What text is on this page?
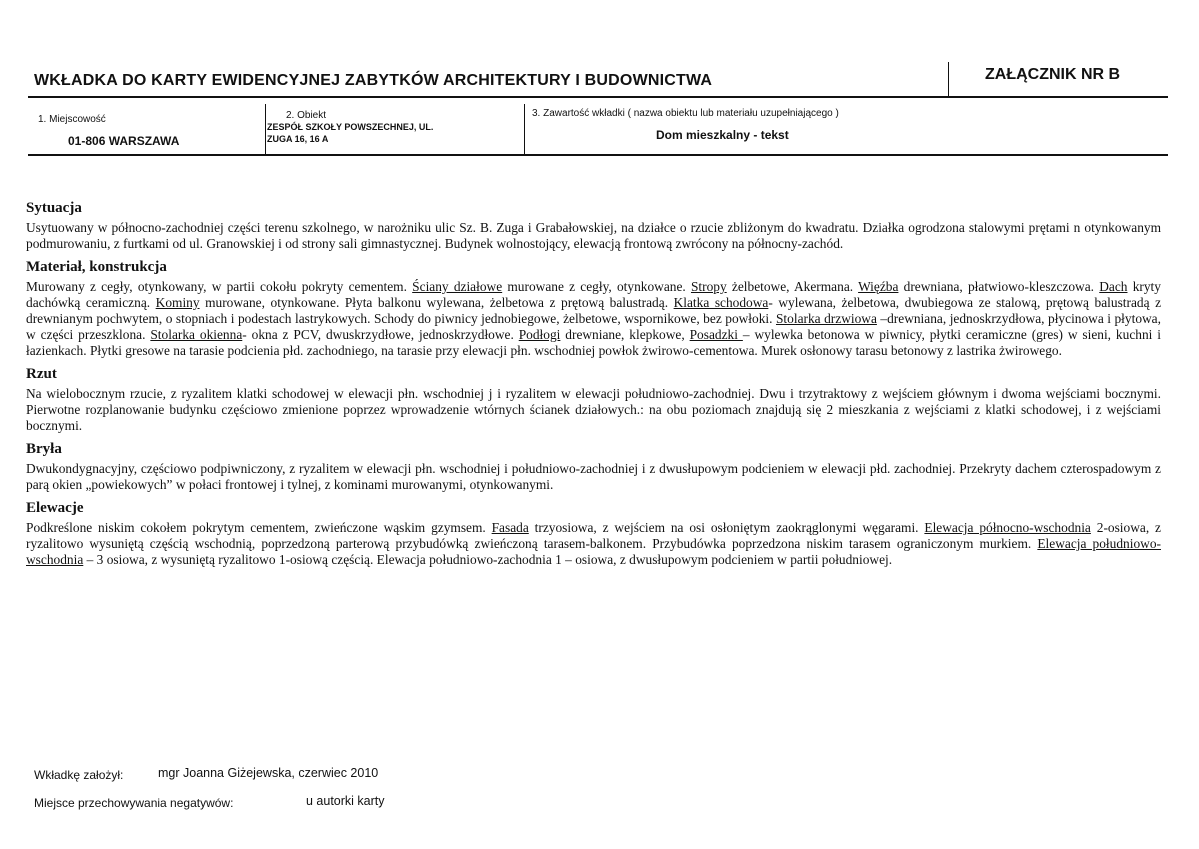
WKŁADKA DO KARTY EWIDENCYJNEJ ZABYTKÓW ARCHITEKTURY I BUDOWNICTWA	ZAŁĄCZNIK NR B
1. Miejscowość
01-806 WARSZAWA
2. Obiekt
ZESPÓŁ SZKOŁY POWSZECHNEJ, UL.
ZUGA 16, 16 A
3. Zawartość wkładki ( nazwa obiektu lub materiału uzupełniającego )
Dom mieszkalny - tekst
Sytuacja

Usytuowany w północno-zachodniej części terenu szkolnego, w narożniku ulic Sz. B. Zuga i Grabałowskiej, na działce o rzucie zbliżonym do kwadratu. Działka ogrodzona stalowymi prętami n otynkowanym podmurowaniu, z furtkami od ul. Granowskiej i od strony sali gimnastycznej. Budynek wolnostojący, elewacją frontową zwrócony na północny-zachód.

Materiał, konstrukcja

Murowany z cegły, otynkowany, w partii cokołu pokryty cementem. Ściany działowe murowane z cegły, otynkowane. Stropy żelbetowe, Akermana. Więźba drewniana, płatwiowo-kleszczowa. Dach kryty dachówką ceramiczną. Kominy murowane, otynkowane. Płyta balkonu wylewana, żelbetowa z prętową balustradą. Klatka schodowa- wylewana, żelbetowa, dwubiegowa ze stalową, prętową balustradą z drewnianym pochwytem, o stopniach i podestach lastrykowych. Schody do piwnicy jednobiegowe, żelbetowe, wspornikowe, bez powłoki. Stolarka drzwiowa –drewniana, jednoskrzydłowa, płycinowa i płytowa, w części przeszklona. Stolarka okienna- okna z PCV, dwuskrzydłowe, jednoskrzydłowe. Podłogi drewniane, klepkowe, Posadzki – wylewka betonowa w piwnicy, płytki ceramiczne (gres) w sieni, kuchni i łazienkach. Płytki gresowe na tarasie podcienia płd. zachodniego, na tarasie przy elewacji płn. wschodniej powłok żwirowo-cementowa. Murek osłonowy tarasu betonowy z lastrika żwirowego.

Rzut

Na wielobocznym rzucie, z ryzalitem klatki schodowej w elewacji płn. wschodniej j i ryzalitem w elewacji południowo-zachodniej. Dwu i trzytraktowy z wejściem głównym i dwoma wejściami bocznymi. Pierwotne rozplanowanie budynku częściowo zmienione poprzez wprowadzenie wtórnych ścianek działowych.: na obu poziomach znajdują się 2 mieszkania z wejściami z klatki schodowej, i z wejściami bocznymi.

Bryła

Dwukondygnacyjny, częściowo podpiwniczony, z ryzalitem w elewacji płn. wschodniej i południowo-zachodniej i z dwusłupowym podcieniem w elewacji płd. zachodniej. Przekryty dachem czterospadowym z parą okien „powiekowych” w połaci frontowej i tylnej, z kominami murowanymi, otynkowanymi.

Elewacje

Podkreślone niskim cokołem pokrytym cementem, zwieńczone wąskim gzymsem. Fasada trzyosiowa, z wejściem na osi osłoniętym zaokrąglonymi węgarami. Elewacja północno-wschodnia 2-osiowa, z ryzalitowo wysuniętą częścią wschodnią, poprzedzoną parterową przybudówką zwieńczoną tarasem-balkonem. Przybudówka poprzedzona niskim tarasem ograniczonym murkiem. Elewacja południowo-wschodnia – 3 osiowa, z wysuniętą ryzalitowo 1-osiową częścią. Elewacja południowo-zachodnia 1 – osiowa, z dwusłupowym podcieniem w partii południowej.

Wkładkę założył:	mgr Joanna Giżejewska, czerwiec 2010
Miejsce przechowywania negatywów:	u autorki karty
